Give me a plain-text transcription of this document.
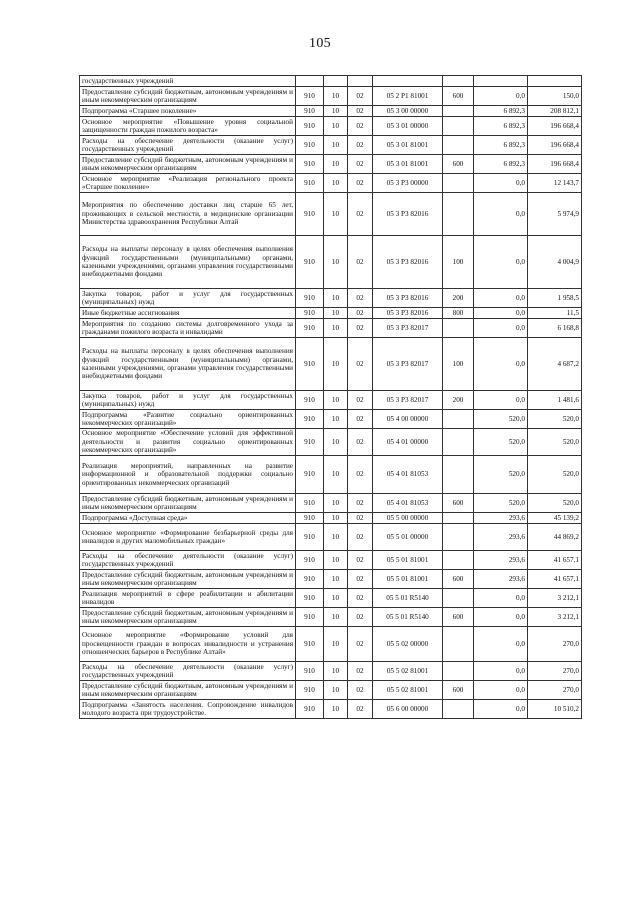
105
государственных учреждений							
Предоставление субсидий бюджетным, автономным учреждениям и иным некоммерческим организациям	910	10	02	05 2 P1 81001	600	0,0	150,0
Подпрограмма «Старшее поколение»	910	10	02	05 3 00 00000		6 892,3	208 812,1
Основное мероприятие «Повышение уровня социальной защищенности граждан пожилого возраста»	910	10	02	05 3 01 00000		6 892,3	196 668,4
Расходы на обеспечение деятельности (оказание услуг) государственных учреждений	910	10	02	05 3 01 81001		6 892,3	196 668,4
Предоставление субсидий бюджетным, автономным учреждениям и иным некоммерческим организациям	910	10	02	05 3 01 81001	600	6 892,3	196 668,4
Основное мероприятие «Реализация регионального проекта «Старшее поколение»	910	10	02	05 3 P3 00000		0,0	12 143,7
Мероприятия по обеспечению доставки лиц старше 65 лет, проживающих в сельской местности, в медицинские организации Министерства здравоохранения Республики Алтай	910	10	02	05 3 P3 82016		0,0	5 974,9
Расходы на выплаты персоналу в целях обеспечения выполнения функций государственными (муниципальными) органами, казенными учреждениями, органами управления государственными внебюджетными фондами	910	10	02	05 3 P3 82016	100	0,0	4 004,9
Закупка товаров, работ и услуг для государственных (муниципальных) нужд	910	10	02	05 3 P3 82016	200	0,0	1 958,5
Иные бюджетные ассигнования	910	10	02	05 3 P3 82016	800	0,0	11,5
Мероприятия по созданию системы долговременного ухода за гражданами пожилого возраста и инвалидами	910	10	02	05 3 P3 82017		0,0	6 168,8
Расходы на выплаты персоналу в целях обеспечения выполнения функций государственными (муниципальными) органами, казенными учреждениями, органами управления государственными внебюджетными фондами	910	10	02	05 3 P3 82017	100	0,0	4 687,2
Закупка товаров, работ и услуг для государственных (муниципальных) нужд	910	10	02	05 3 P3 82017	200	0,0	1 481,6
Подпрограмма «Развитие социально ориентированных некоммерческих организаций»	910	10	02	05 4 00 00000		520,0	520,0
Основное мероприятие «Обеспечение условий для эффективной деятельности и развития социально ориентированных некоммерческих организаций»	910	10	02	05 4 01 00000		520,0	520,0
Реализация мероприятий, направленных на развитие информационной и образовательной поддержки социально ориентированных некоммерческих организаций	910	10	02	05 4 01 81053		520,0	520,0
Предоставление субсидий бюджетным, автономным учреждениям и иным некоммерческим организациям	910	10	02	05 4 01 81053	600	520,0	520,0
Подпрограмма «Доступная среда»	910	10	02	05 5 00 00000		293,6	45 139,2
Основное мероприятие «Формирование безбарьерной среды для инвалидов и других маломобильных граждан»	910	10	02	05 5 01 00000		293,6	44 869,2
Расходы на обеспечение деятельности (оказание услуг) государственных учреждений	910	10	02	05 5 01 81001		293,6	41 657,1
Предоставление субсидий бюджетным, автономным учреждениям и иным некоммерческим организациям	910	10	02	05 5 01 81001	600	293,6	41 657,1
Реализация мероприятий в сфере реабилитации и абилитации инвалидов	910	10	02	05 5 01 R5140		0,0	3 212,1
Предоставление субсидий бюджетным, автономным учреждениям и иным некоммерческим организациям	910	10	02	05 5 01 R5140	600	0,0	3 212,1
Основное мероприятие «Формирование условий для просвещенности граждан в вопросах инвалидности и устранения отношенческих барьеров в Республике Алтай»	910	10	02	05 5 02 00000		0,0	270,0
Расходы на обеспечение деятельности (оказание услуг) государственных учреждений	910	10	02	05 5 02 81001		0,0	270,0
Предоставление субсидий бюджетным, автономным учреждениям и иным некоммерческим организациям	910	10	02	05 5 02 81001	600	0,0	270,0
Подпрограмма «Занятость населения. Сопровождение инвалидов молодого возраста при трудоустройстве.	910	10	02	05 6 00 00000		0,0	10 510,2
